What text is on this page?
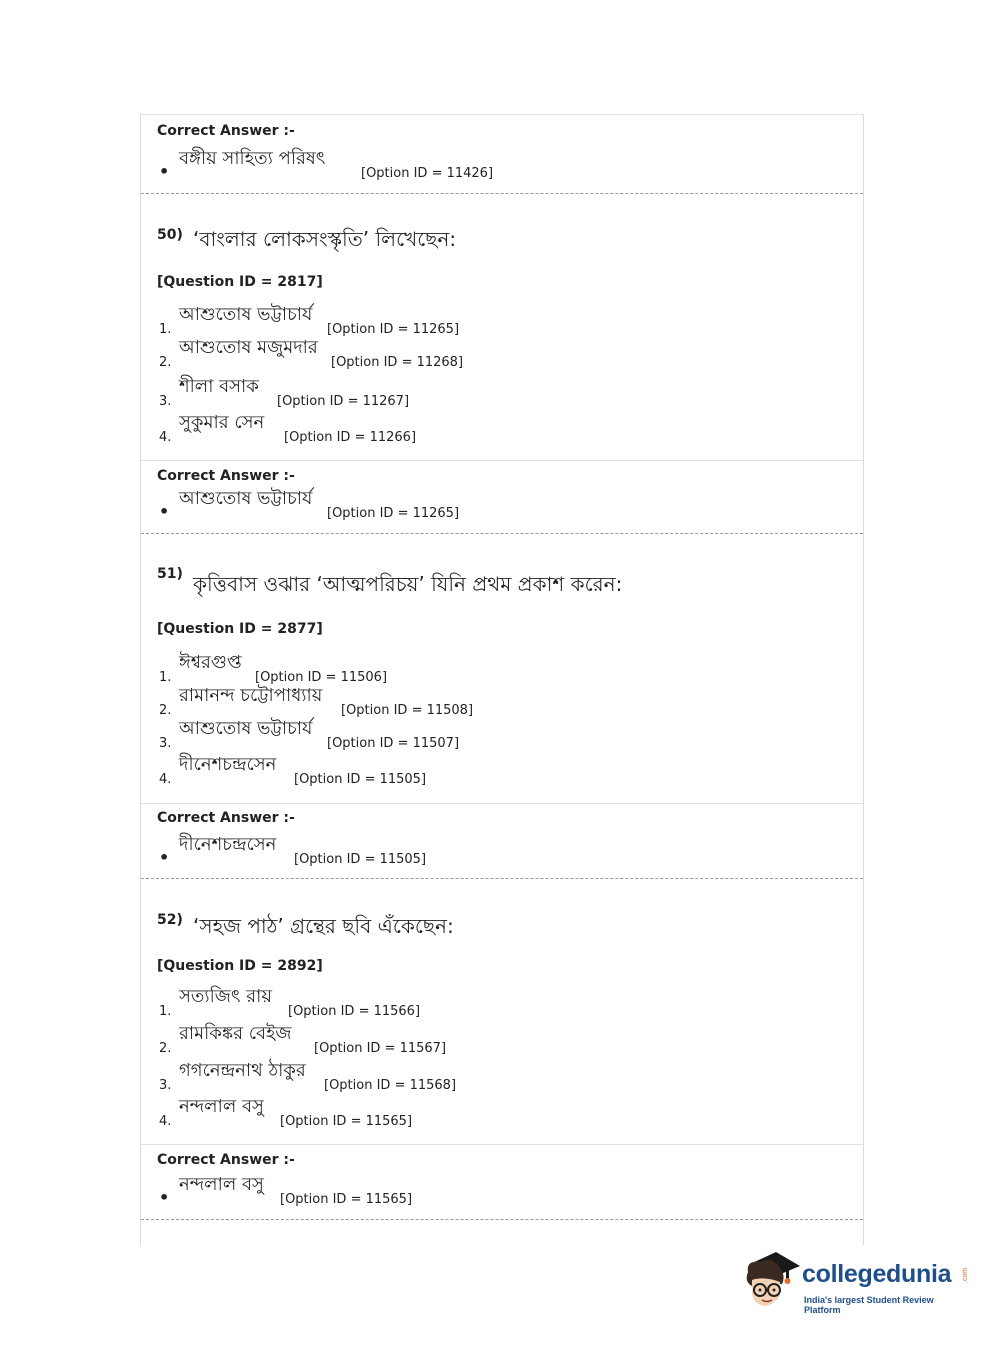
Correct Answer :-
•
বঙ্গীয় সাহিত্য পরিষৎ
[Option ID = 11426]
50) ‘বাংলার লোকসংস্কৃতি’ লিখেছেন:
[Question ID = 2817]
1.
আশুতোষ ভট্টাচার্য
[Option ID = 11265]
2.
আশুতোষ মজুমদার
[Option ID = 11268]
3.
শীলা বসাক
[Option ID = 11267]
4.
সুকুমার সেন
[Option ID = 11266]
Correct Answer :-
•
আশুতোষ ভট্টাচার্য
[Option ID = 11265]
51) কৃত্তিবাস ওঝার ‘আত্মপরিচয়’ যিনি প্রথম প্রকাশ করেন:
[Question ID = 2877]
1.
ঈশ্বরগুপ্ত
[Option ID = 11506]
2.
রামানন্দ চট্টোপাধ্যায়
[Option ID = 11508]
3.
আশুতোষ ভট্টাচার্য
[Option ID = 11507]
4.
দীনেশচন্দ্রসেন
[Option ID = 11505]
Correct Answer :-
•
দীনেশচন্দ্রসেন
[Option ID = 11505]
52) ‘সহজ পাঠ’ গ্রন্থের ছবি এঁকেছেন:
[Question ID = 2892]
1.
সত্যজিৎ রায়
[Option ID = 11566]
2.
রামকিঙ্কর বেইজ
[Option ID = 11567]
3.
গগনেন্দ্রনাথ ঠাকুর
[Option ID = 11568]
4.
নন্দলাল বসু
[Option ID = 11565]
Correct Answer :-
•
নন্দলাল বসু
[Option ID = 11565]
collegedunia .com
India's largest Student Review Platform
